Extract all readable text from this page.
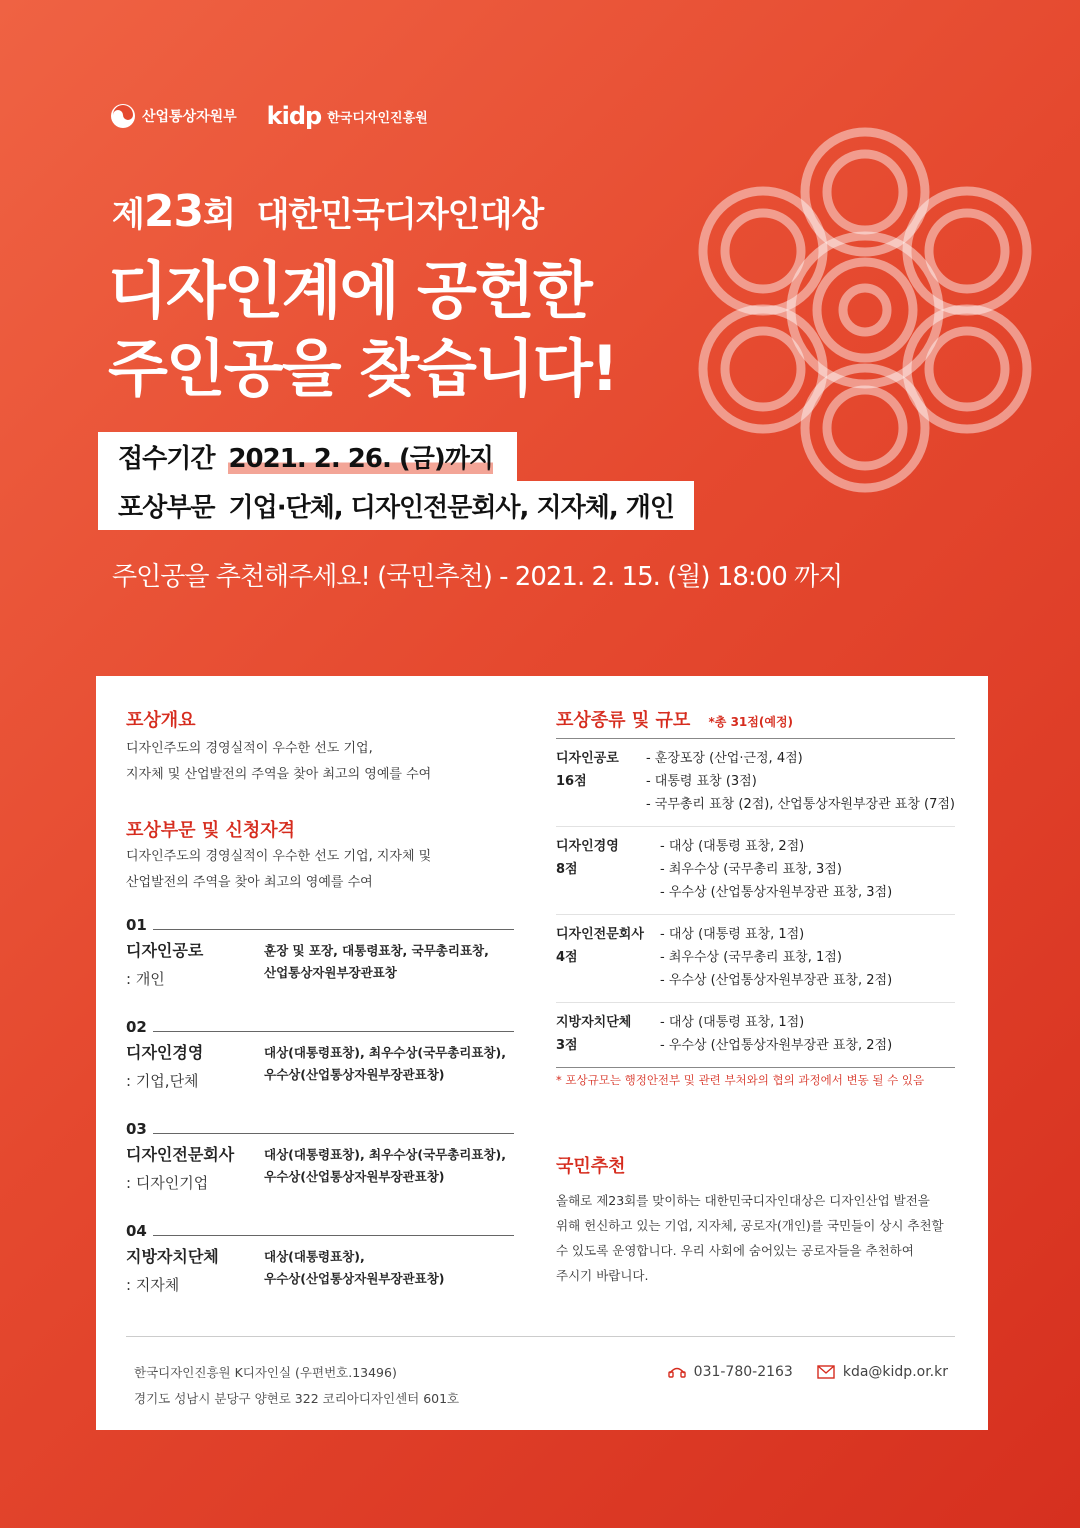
산업통상자원부 kidp 한국디자인진흥원
제23회  대한민국디자인대상
디자인계에 공헌한
주인공을 찾습니다!
접수기간 2021. 2. 26. (금)까지
포상부문 기업·단체, 디자인전문회사, 지자체, 개인
주인공을 추천해주세요! (국민추천) - 2021. 2. 15. (월) 18:00 까지
포상개요
디자인주도의 경영실적이 우수한 선도 기업,
지자체 및 산업발전의 주역을 찾아 최고의 영예를 수여
포상부문 및 신청자격
디자인주도의 경영실적이 우수한 선도 기업, 지자체 및
산업발전의 주역을 찾아 최고의 영예를 수여
01
디자인공로
: 개인
훈장 및 포장, 대통령표창, 국무총리표창,
산업통상자원부장관표창
02
디자인경영
: 기업,단체
대상(대통령표창), 최우수상(국무총리표창),
우수상(산업통상자원부장관표창)
03
디자인전문회사
: 디자인기업
대상(대통령표창), 최우수상(국무총리표창),
우수상(산업통상자원부장관표창)
04
지방자치단체
: 지자체
대상(대통령표창),
우수상(산업통상자원부장관표창)
포상종류 및 규모 *총 31점(예정)
디자인공로
16점
- 훈장포장 (산업·근정, 4점)
- 대통령 표창 (3점)
- 국무총리 표창 (2점), 산업통상자원부장관 표창 (7점)
디자인경영
8점
- 대상 (대통령 표창, 2점)
- 최우수상 (국무총리 표창, 3점)
- 우수상 (산업통상자원부장관 표창, 3점)
디자인전문회사
4점
- 대상 (대통령 표창, 1점)
- 최우수상 (국무총리 표창, 1점)
- 우수상 (산업통상자원부장관 표창, 2점)
지방자치단체
3점
- 대상 (대통령 표창, 1점)
- 우수상 (산업통상자원부장관 표창, 2점)
* 포상규모는 행정안전부 및 관련 부처와의 협의 과정에서 변동 될 수 있음
국민추천
올해로 제23회를 맞이하는 대한민국디자인대상은 디자인산업 발전을
위해 헌신하고 있는 기업, 지자체, 공로자(개인)를 국민들이 상시 추천할
수 있도록 운영합니다. 우리 사회에 숨어있는 공로자들을 추천하여
주시기 바랍니다.
한국디자인진흥원 K디자인실 (우편번호.13496)
경기도 성남시 분당구 양현로 322 코리아디자인센터 601호
031-780-2163	kda@kidp.or.kr
